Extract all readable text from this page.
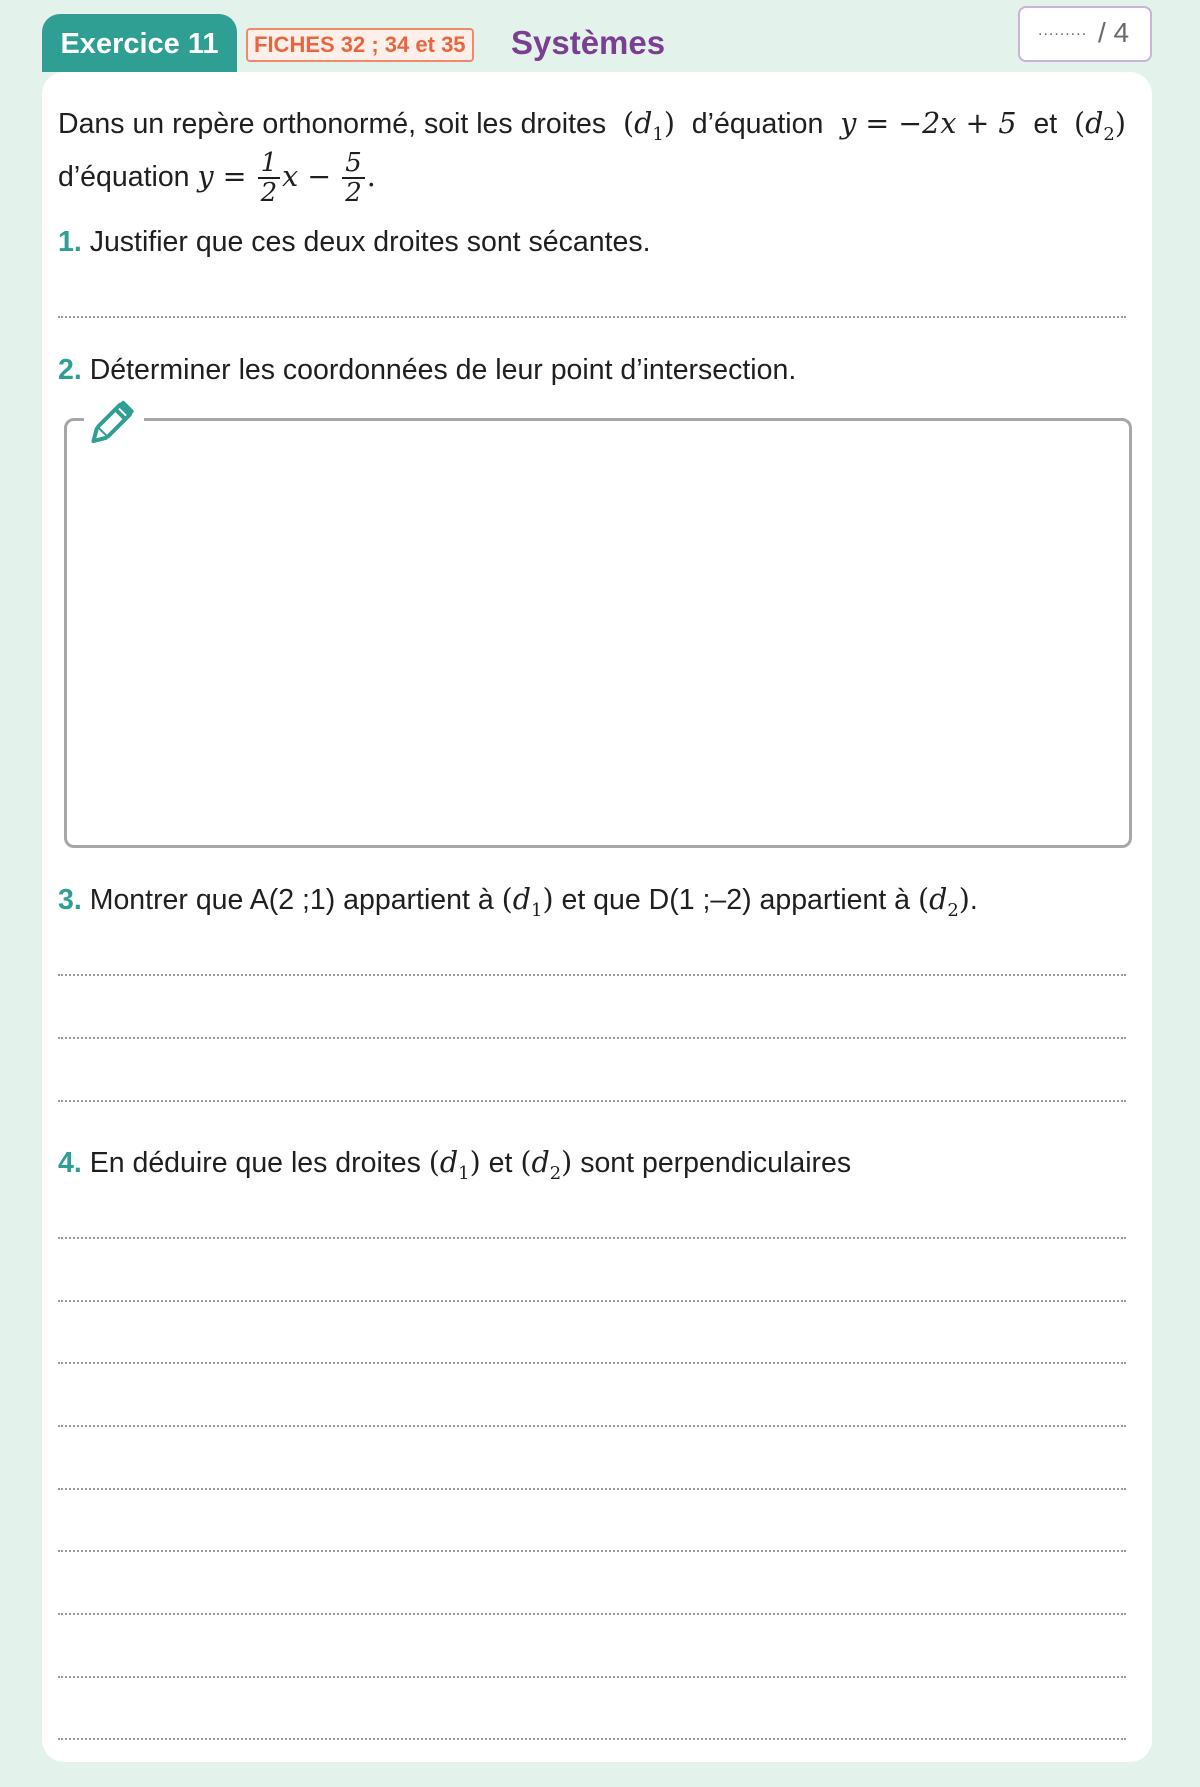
Exercice 11	FICHES 32 ; 34 et 35 Systèmes	......... / 4
Dans un repère orthonormé, soit les droites $(d_1)$ d’équation y = −2x + 5 et $(d_2)$
d’équation $y = \frac{1}{2}$ $x - \frac{5}{2}$ .
1. Justifier que ces deux droites sont sécantes.
2. Déterminer les coordonnées de leur point d’intersection.
3. Montrer que A(2 ;1) appartient à $(d_1)$ et que D(1 ;–2) appartient à $(d_2)$.
4. En déduire que les droites $(d_1)$ et $(d_2)$ sont perpendiculaires
